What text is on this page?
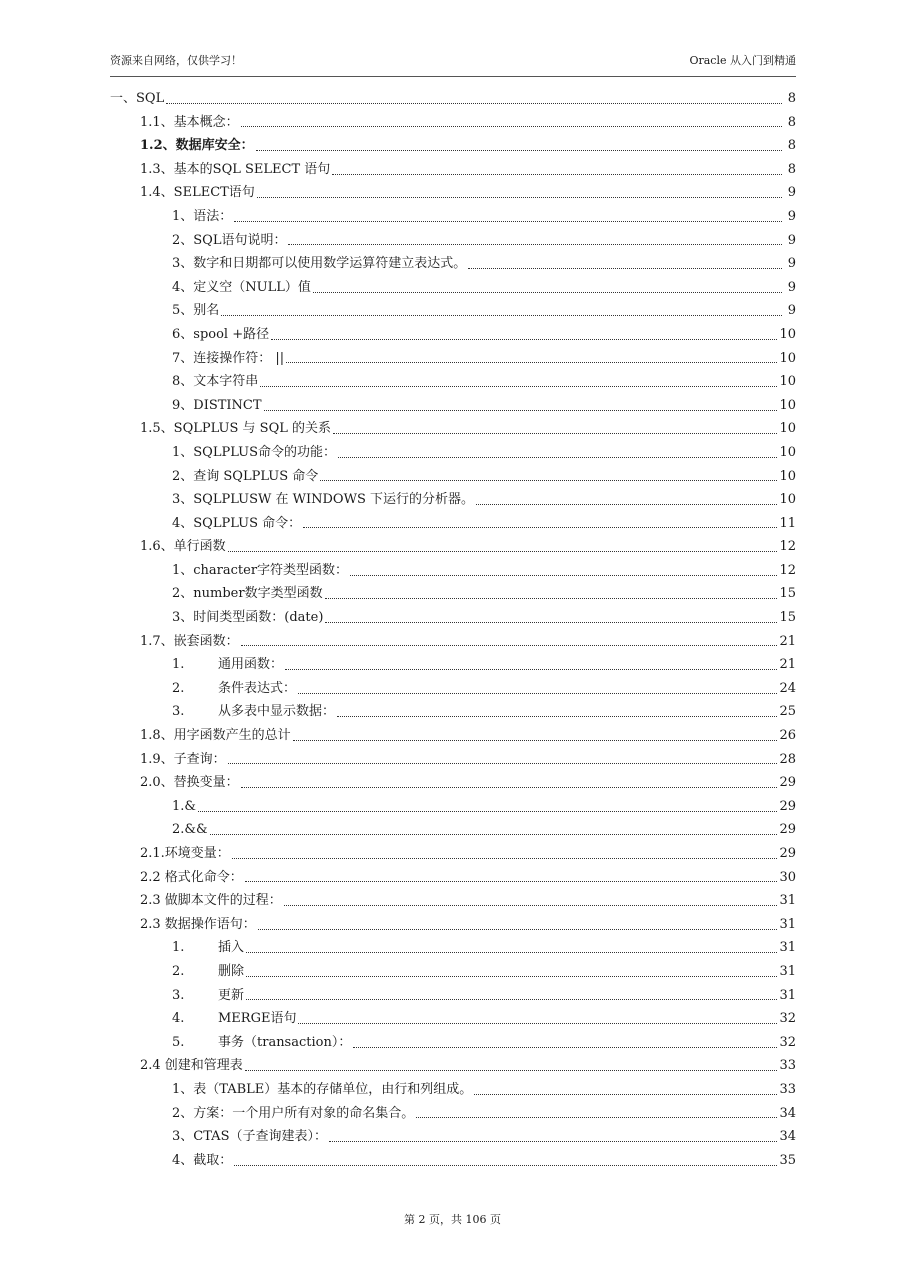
资源来自网络，仅供学习！	Oracle 从入门到精通
一、SQL	8
1.1、基本概念：	8
1.2、数据库安全：	8
1.3、基本的SQL SELECT 语句	8
1.4、SELECT语句	9
1、语法：	9
2、SQL语句说明：	9
3、数字和日期都可以使用数学运算符建立表达式。	9
4、定义空（NULL）值	9
5、别名	9
6、spool +路径	10
7、连接操作符： ||	10
8、文本字符串	10
9、DISTINCT	10
1.5、SQLPLUS 与 SQL 的关系	10
1、SQLPLUS命令的功能：	10
2、查询 SQLPLUS 命令	10
3、SQLPLUSW 在 WINDOWS 下运行的分析器。	10
4、SQLPLUS 命令：	11
1.6、单行函数	12
1、character字符类型函数：	12
2、number数字类型函数	15
3、时间类型函数：(date)	15
1.7、嵌套函数：	21
1.	通用函数：	21
2.	条件表达式：	24
3.	从多表中显示数据：	25
1.8、用字函数产生的总计	26
1.9、子查询：	28
2.0、替换变量：	29
1.&	29
2.&&	29
2.1.环境变量：	29
2.2 格式化命令：	30
2.3 做脚本文件的过程：	31
2.3 数据操作语句：	31
1.	插入	31
2.	删除	31
3.	更新	31
4.	MERGE语句	32
5.	事务（transaction）：	32
2.4 创建和管理表	33
1、表（TABLE）基本的存储单位，由行和列组成。	33
2、方案：一个用户所有对象的命名集合。	34
3、CTAS（子查询建表）：	34
4、截取：	35
第 2 页，共 106 页
